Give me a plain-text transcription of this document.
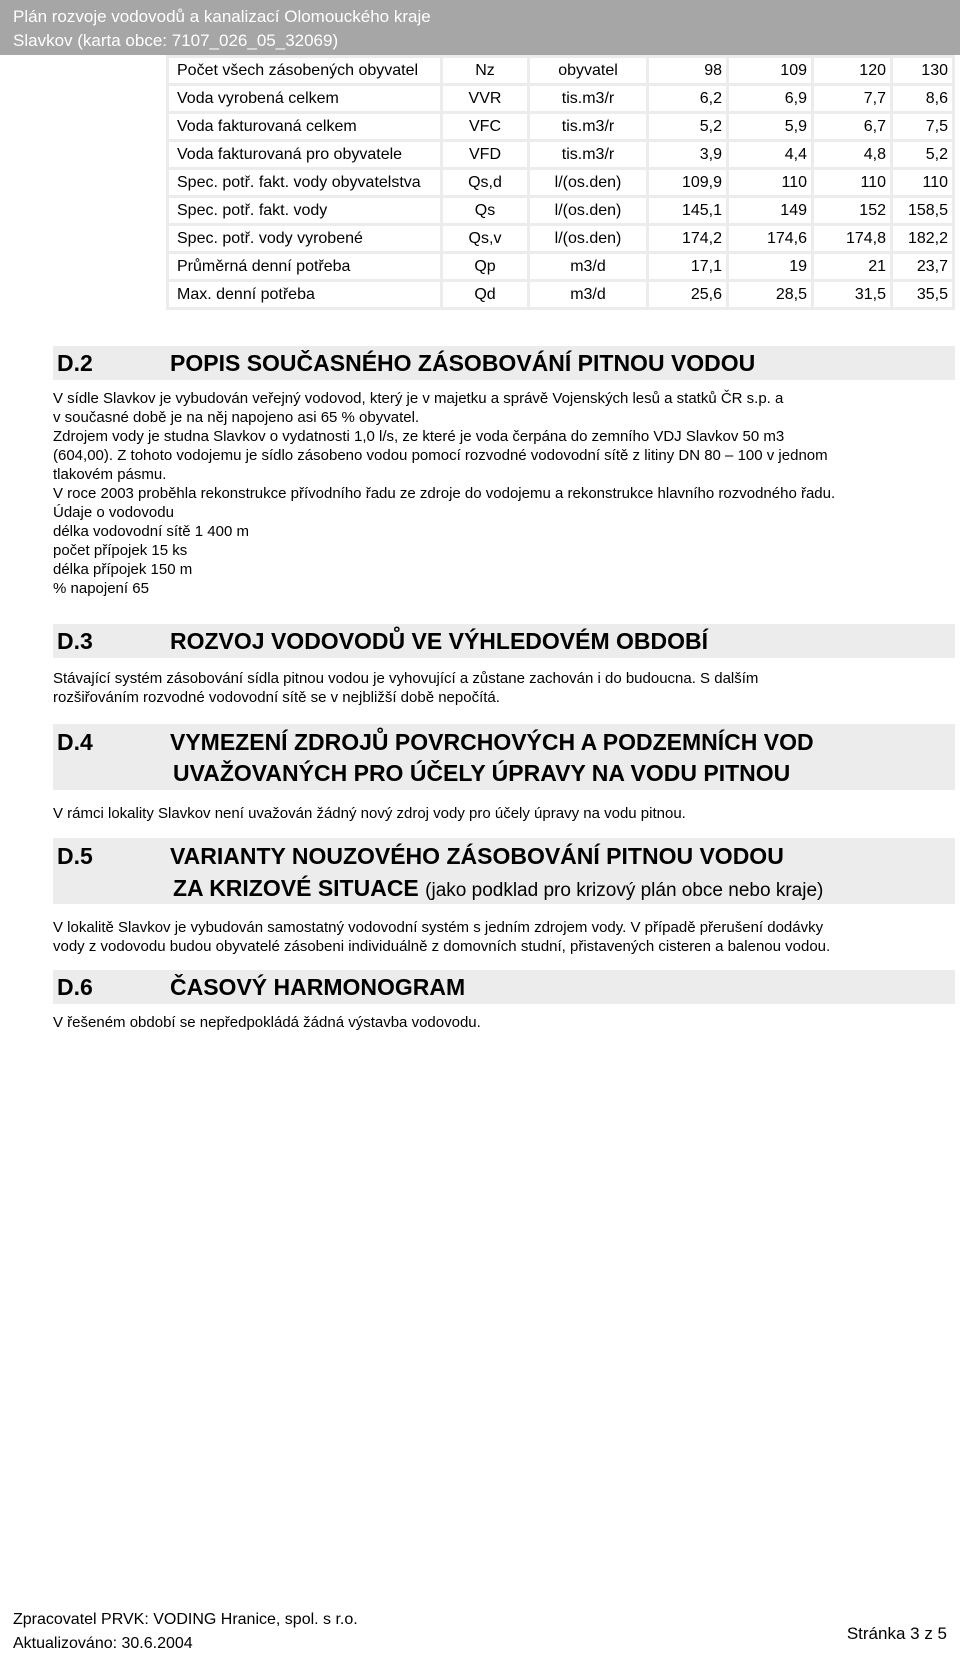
Plán rozvoje vodovodů a kanalizací Olomouckého kraje
Slavkov (karta obce: 7107_026_05_32069)
Počet všech zásobených obyvatel	Nz	obyvatel	98	109	120	130
Voda vyrobená celkem	VVR	tis.m3/r	6,2	6,9	7,7	8,6
Voda fakturovaná celkem	VFC	tis.m3/r	5,2	5,9	6,7	7,5
Voda fakturovaná pro obyvatele	VFD	tis.m3/r	3,9	4,4	4,8	5,2
Spec. potř. fakt. vody obyvatelstva	Qs,d	l/(os.den)	109,9	110	110	110
Spec. potř. fakt. vody	Qs	l/(os.den)	145,1	149	152	158,5
Spec. potř. vody vyrobené	Qs,v	l/(os.den)	174,2	174,6	174,8	182,2
Průměrná denní potřeba	Qp	m3/d	17,1	19	21	23,7
Max. denní potřeba	Qd	m3/d	25,6	28,5	31,5	35,5
D.2	POPIS SOUČASNÉHO ZÁSOBOVÁNÍ PITNOU VODOU

V sídle Slavkov je vybudován veřejný vodovod, který je v majetku a správě Vojenských lesů a statků ČR s.p. a

v současné době je na něj napojeno asi 65 % obyvatel.

Zdrojem vody je studna Slavkov o vydatnosti 1,0 l/s, ze které je voda čerpána do zemního VDJ Slavkov 50 m3

(604,00). Z tohoto vodojemu je sídlo zásobeno vodou pomocí rozvodné vodovodní sítě z litiny DN 80 – 100 v jednom

tlakovém pásmu.

V roce 2003 proběhla rekonstrukce přívodního řadu ze zdroje do vodojemu a rekonstrukce hlavního rozvodného řadu.

Údaje o vodovodu

délka vodovodní sítě 1 400 m

počet přípojek 15 ks

délka přípojek 150 m

% napojení 65

D.3	ROZVOJ VODOVODŮ VE VÝHLEDOVÉM OBDOBÍ

Stávající systém zásobování sídla pitnou vodou je vyhovující a zůstane zachován i do budoucna. S dalším

rozšiřováním rozvodné vodovodní sítě se v nejbližší době nepočítá.

D.4	VYMEZENÍ ZDROJŮ POVRCHOVÝCH A PODZEMNÍCH VOD
UVAŽOVANÝCH PRO ÚČELY ÚPRAVY NA VODU PITNOU

V rámci lokality Slavkov není uvažován žádný nový zdroj vody pro účely úpravy na vodu pitnou.

D.5	VARIANTY NOUZOVÉHO ZÁSOBOVÁNÍ PITNOU VODOU
ZA KRIZOVÉ SITUACE (jako podklad pro krizový plán obce nebo kraje)

V lokalitě Slavkov je vybudován samostatný vodovodní systém s jedním zdrojem vody. V případě přerušení dodávky

vody z vodovodu budou obyvatelé zásobeni individuálně z domovních studní, přistavených cisteren a balenou vodou.

D.6	ČASOVÝ HARMONOGRAM

V řešeném období se nepředpokládá žádná výstavba vodovodu.

Zpracovatel PRVK: VODING Hranice, spol. s r.o.
Aktualizováno: 30.6.2004
Stránka 3 z 5
